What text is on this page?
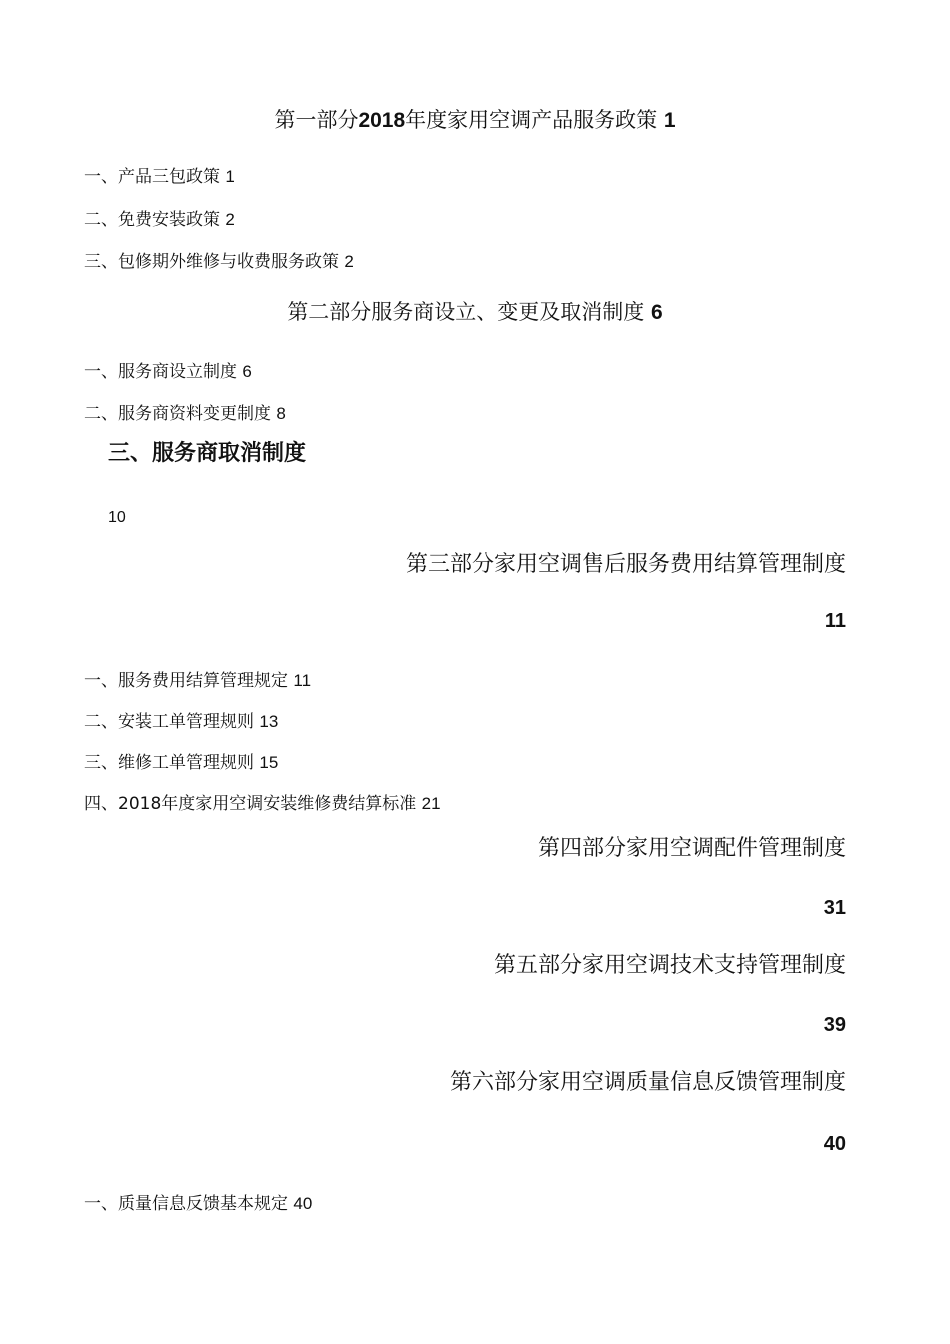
第一部分2018年度家用空调产品服务政策 1
一、产品三包政策 1
二、免费安装政策 2
三、包修期外维修与收费服务政策 2
第二部分服务商设立、变更及取消制度 6
一、服务商设立制度 6
二、服务商资料变更制度 8
三、服务商取消制度
10
第三部分家用空调售后服务费用结算管理制度
11
一、服务费用结算管理规定 11
二、安装工单管理规则 13
三、维修工单管理规则 15
四、2018年度家用空调安装维修费结算标准 21
第四部分家用空调配件管理制度
31
第五部分家用空调技术支持管理制度
39
第六部分家用空调质量信息反馈管理制度
40
一、质量信息反馈基本规定 40
